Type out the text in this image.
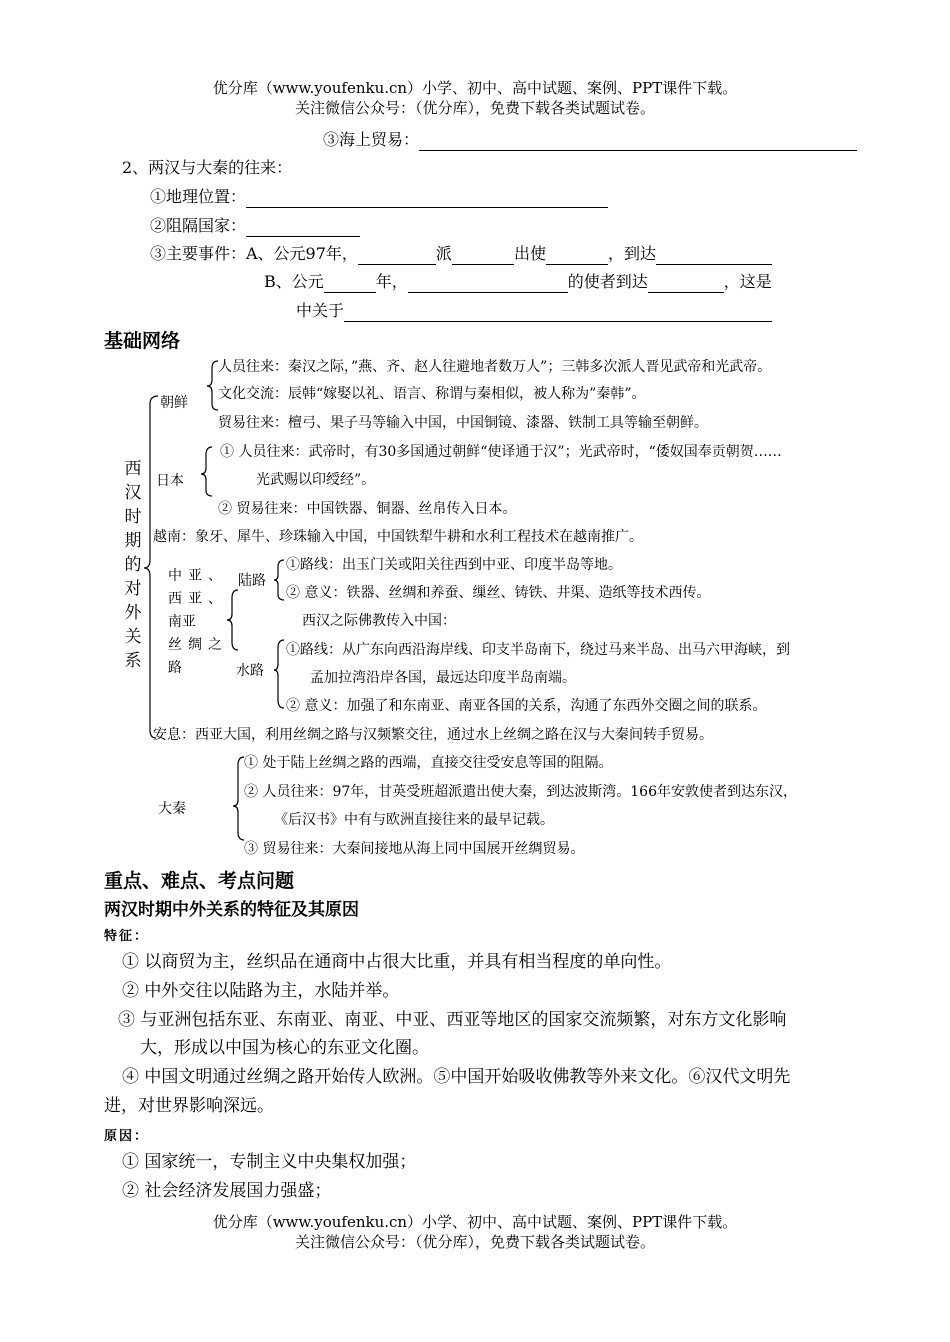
优分库（www.youfenku.cn）小学、初中、高中试题、案例、PPT课件下载。
关注微信公众号：（优分库），免费下载各类试题试卷。
③海上贸易：
2、两汉与大秦的往来：
①地理位置：
②阻隔国家：
③主要事件：A、公元97年，	派	出使	，到达
B、公元	年，	的使者到达	，这是
中关于
基础网络
西汉时期的对外关系
朝鲜
人员往来：秦汉之际，”燕、齐、赵人往避地者数万人”；三韩多次派人晋见武帝和光武帝。
文化交流：辰韩“嫁娶以礼、语言、称谓与秦相似，被人称为”秦韩”。
贸易往来：檀弓、果子马等输入中国，中国铜镜、漆器、铁制工具等输至朝鲜。
日本
① 人员往来：武帝时，有30多国通过朝鲜“使译通于汉”；光武帝时，“倭奴国奉贡朝贺……
光武赐以印绶经”。
② 贸易往来：中国铁器、铜器、丝帛传入日本。
越南：象牙、犀牛、珍珠输入中国，中国铁犁牛耕和水利工程技术在越南推广。
中亚、
西亚、
南亚
丝绸之
路
陆路
①路线：出玉门关或阳关往西到中亚、印度半岛等地。
② 意义：铁器、丝绸和养蚕、缫丝、铸铁、井渠、造纸等技术西传。
西汉之际佛教传入中国：
水路
①路线：从广东向西沿海岸线、印支半岛南下，绕过马来半岛、出马六甲海峡，到
孟加拉湾沿岸各国，最远达印度半岛南端。
② 意义：加强了和东南亚、南亚各国的关系，沟通了东西外交圈之间的联系。
安息：西亚大国，利用丝绸之路与汉频繁交往，通过水上丝绸之路在汉与大秦间转手贸易。
大秦
① 处于陆上丝绸之路的西端，直接交往受安息等国的阻隔。
② 人员往来：97年，甘英受班超派遣出使大秦，到达波斯湾。166年安敦使者到达东汉，
《后汉书》中有与欧洲直接往来的最早记载。
③ 贸易往来：大秦间接地从海上同中国展开丝绸贸易。
重点、难点、考点问题
两汉时期中外关系的特征及其原因
特征：
① 以商贸为主，丝织品在通商中占很大比重，并具有相当程度的单向性。
② 中外交往以陆路为主，水陆并举。
③ 与亚洲包括东亚、东南亚、南亚、中亚、西亚等地区的国家交流频繁，对东方文化影响
大，形成以中国为核心的东亚文化圈。
④ 中国文明通过丝绸之路开始传人欧洲。⑤中国开始吸收佛教等外来文化。⑥汉代文明先
进，对世界影响深远。
原因：
① 国家统一，专制主义中央集权加强；
② 社会经济发展国力强盛；
优分库（www.youfenku.cn）小学、初中、高中试题、案例、PPT课件下载。
关注微信公众号：（优分库），免费下载各类试题试卷。
